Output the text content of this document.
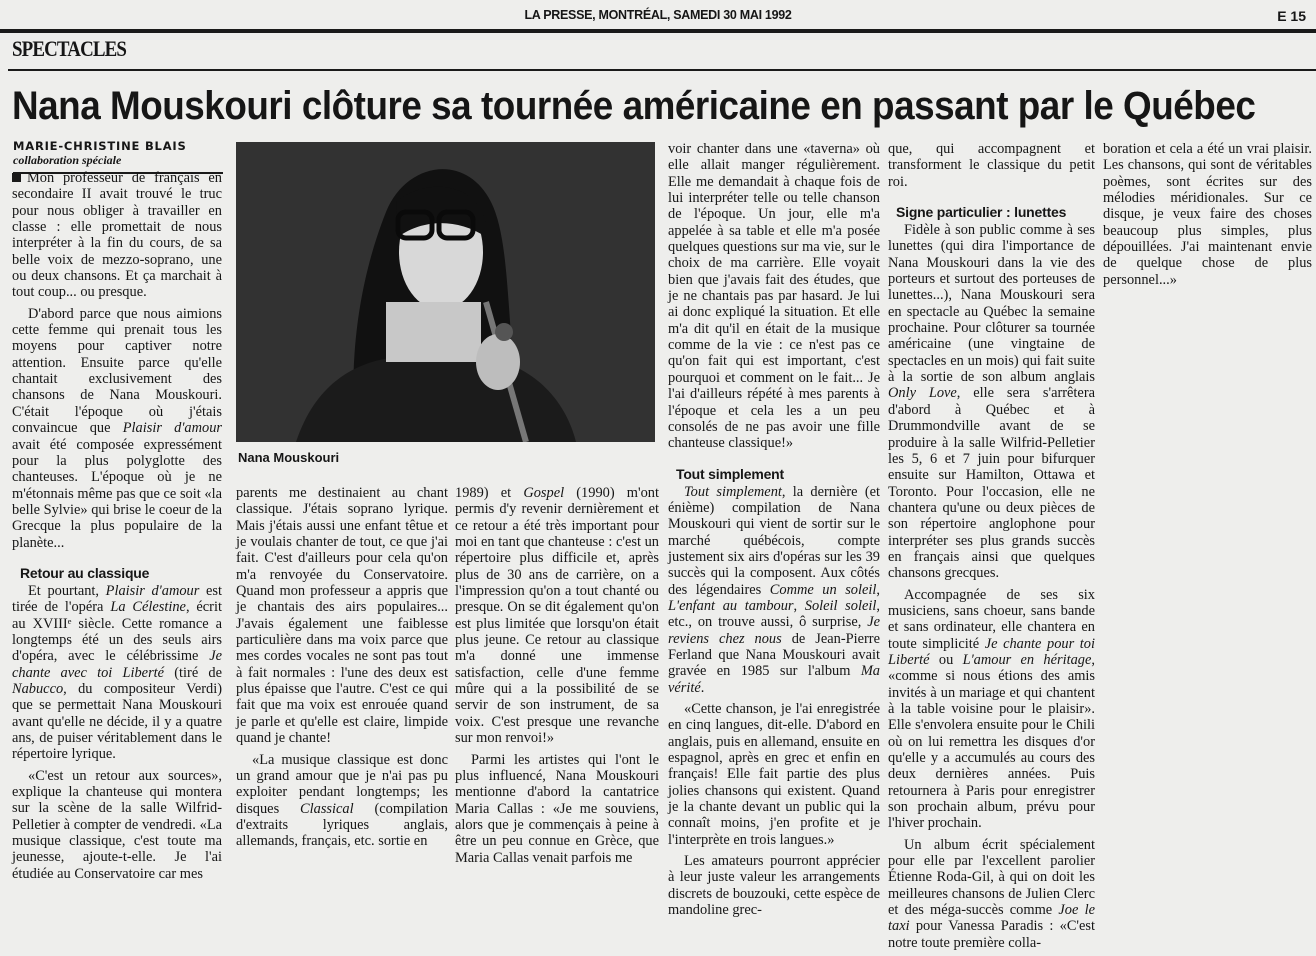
LA PRESSE, MONTRÉAL, SAMEDI 30 MAI 1992	E 15
SPECTACLES
Nana Mouskouri clôture sa tournée américaine en passant par le Québec
MARIE-CHRISTINE BLAIS
collaboration spéciale
Nana Mouskouri

Mon professeur de français en secondaire II avait trouvé le truc pour nous obliger à travailler en classe : elle promettait de nous interpréter à la fin du cours, de sa belle voix de mezzo-soprano, une ou deux chansons. Et ça marchait à tout coup... ou presque.

D'abord parce que nous aimions cette femme qui prenait tous les moyens pour captiver notre attention. Ensuite parce qu'elle chantait exclusivement des chansons de Nana Mouskouri. C'était l'époque où j'étais convaincue que Plaisir d'amour avait été composée expressément pour la plus polyglotte des chanteuses. L'époque où je ne m'étonnais même pas que ce soit «la belle Sylvie» qui brise le coeur de la Grecque la plus populaire de la planète...

Retour au classique

Et pourtant, Plaisir d'amour est tirée de l'opéra La Célestine, écrit au XVIIIᵉ siècle. Cette romance a longtemps été un des seuls airs d'opéra, avec le célébrissime Je chante avec toi Liberté (tiré de Nabucco, du compositeur Verdi) que se permettait Nana Mouskouri avant qu'elle ne décide, il y a quatre ans, de puiser véritablement dans le répertoire lyrique.

«C'est un retour aux sources», explique la chanteuse qui montera sur la scène de la salle Wilfrid-Pelletier à compter de vendredi. «La musique classique, c'est toute ma jeunesse, ajoute-t-elle. Je l'ai étudiée au Conservatoire car mes

parents me destinaient au chant classique. J'étais soprano lyrique. Mais j'étais aussi une enfant têtue et je voulais chanter de tout, ce que j'ai fait. C'est d'ailleurs pour cela qu'on m'a renvoyée du Conservatoire. Quand mon professeur a appris que je chantais des airs populaires... J'avais également une faiblesse particulière dans ma voix parce que mes cordes vocales ne sont pas tout à fait normales : l'une des deux est plus épaisse que l'autre. C'est ce qui fait que ma voix est enrouée quand je parle et qu'elle est claire, limpide quand je chante!

«La musique classique est donc un grand amour que je n'ai pas pu exploiter pendant longtemps; les disques Classical (compilation d'extraits lyriques anglais, allemands, français, etc. sortie en

1989) et Gospel (1990) m'ont permis d'y revenir dernièrement et ce retour a été très important pour moi en tant que chanteuse : c'est un répertoire plus difficile et, après plus de 30 ans de carrière, on a l'impression qu'on a tout chanté ou presque. On se dit également qu'on est plus limitée que lorsqu'on était plus jeune. Ce retour au classique m'a donné une immense satisfaction, celle d'une femme mûre qui a la possibilité de se servir de son instrument, de sa voix. C'est presque une revanche sur mon renvoi!»

Parmi les artistes qui l'ont le plus influencé, Nana Mouskouri mentionne d'abord la cantatrice Maria Callas : «Je me souviens, alors que je commençais à peine à être un peu connue en Grèce, que Maria Callas venait parfois me

voir chanter dans une «taverna» où elle allait manger régulièrement. Elle me demandait à chaque fois de lui interpréter telle ou telle chanson de l'époque. Un jour, elle m'a appelée à sa table et elle m'a posée quelques questions sur ma vie, sur le choix de ma carrière. Elle voyait bien que j'avais fait des études, que je ne chantais pas par hasard. Je lui ai donc expliqué la situation. Et elle m'a dit qu'il en était de la musique comme de la vie : ce n'est pas ce qu'on fait qui est important, c'est pourquoi et comment on le fait... Je l'ai d'ailleurs répété à mes parents à l'époque et cela les a un peu consolés de ne pas avoir une fille chanteuse classique!»

Tout simplement

Tout simplement, la dernière (et énième) compilation de Nana Mouskouri qui vient de sortir sur le marché québécois, compte justement six airs d'opéras sur les 39 succès qui la composent. Aux côtés des légendaires Comme un soleil, L'enfant au tambour, Soleil soleil, etc., on trouve aussi, ô surprise, Je reviens chez nous de Jean-Pierre Ferland que Nana Mouskouri avait gravée en 1985 sur l'album Ma vérité.

«Cette chanson, je l'ai enregistrée en cinq langues, dit-elle. D'abord en anglais, puis en allemand, ensuite en espagnol, après en grec et enfin en français! Elle fait partie des plus jolies chansons qui existent. Quand je la chante devant un public qui la connaît moins, j'en profite et je l'interprète en trois langues.»

Les amateurs pourront apprécier à leur juste valeur les arrangements discrets de bouzouki, cette espèce de mandoline grec-

que, qui accompagnent et transforment le classique du petit roi.

Signe particulier : lunettes

Fidèle à son public comme à ses lunettes (qui dira l'importance de Nana Mouskouri dans la vie des porteurs et surtout des porteuses de lunettes...), Nana Mouskouri sera en spectacle au Québec la semaine prochaine. Pour clôturer sa tournée américaine (une vingtaine de spectacles en un mois) qui fait suite à la sortie de son album anglais Only Love, elle sera s'arrêtera d'abord à Québec et à Drummondville avant de se produire à la salle Wilfrid-Pelletier les 5, 6 et 7 juin pour bifurquer ensuite sur Hamilton, Ottawa et Toronto. Pour l'occasion, elle ne chantera qu'une ou deux pièces de son répertoire anglophone pour interpréter ses plus grands succès en français ainsi que quelques chansons grecques.

Accompagnée de ses six musiciens, sans choeur, sans bande et sans ordinateur, elle chantera en toute simplicité Je chante pour toi Liberté ou L'amour en héritage, «comme si nous étions des amis invités à un mariage et qui chantent à la table voisine pour le plaisir». Elle s'envolera ensuite pour le Chili où on lui remettra les disques d'or qu'elle y a accumulés au cours des deux dernières années. Puis retournera à Paris pour enregistrer son prochain album, prévu pour l'hiver prochain.

Un album écrit spécialement pour elle par l'excellent parolier Étienne Roda-Gil, à qui on doit les meilleures chansons de Julien Clerc et des méga-succès comme Joe le taxi pour Vanessa Paradis : «C'est notre toute première colla-

boration et cela a été un vrai plaisir. Les chansons, qui sont de véritables poèmes, sont écrites sur des mélodies méridionales. Sur ce disque, je veux faire des choses beaucoup plus simples, plus dépouillées. J'ai maintenant envie de quelque chose de plus personnel...»
